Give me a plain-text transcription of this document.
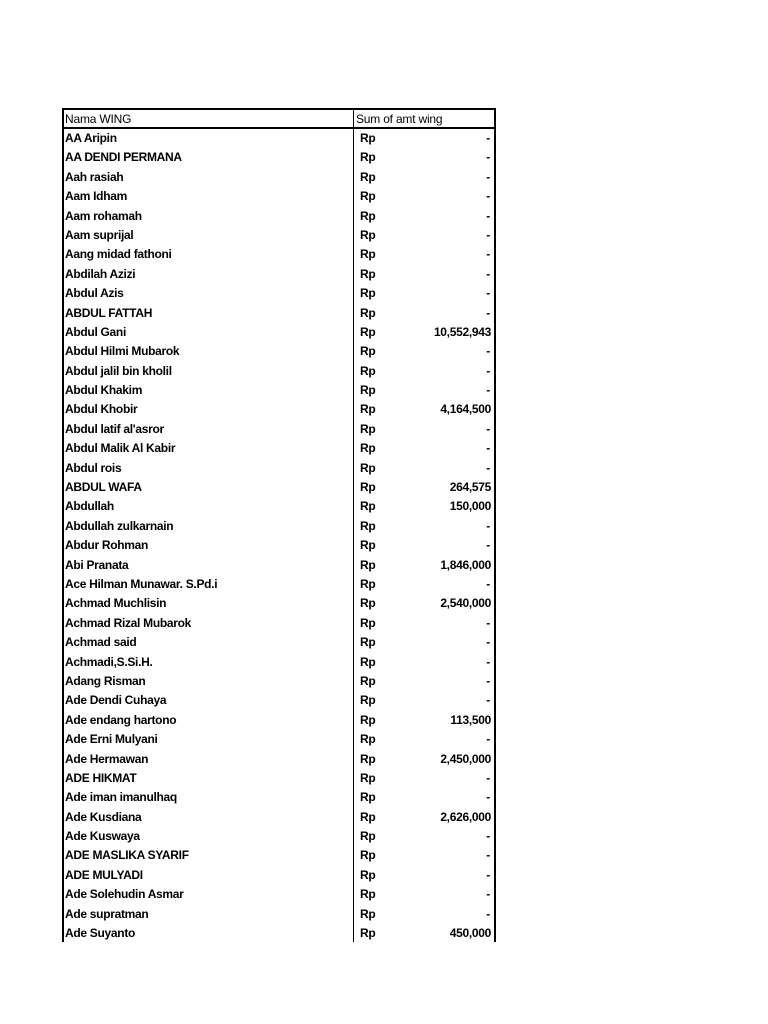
Nama WING	Sum of amt wing
AA Aripin	Rp	-
AA DENDI PERMANA	Rp	-
Aah rasiah	Rp	-
Aam Idham	Rp	-
Aam rohamah	Rp	-
Aam suprijal	Rp	-
Aang midad fathoni	Rp	-
Abdilah Azizi	Rp	-
Abdul Azis	Rp	-
ABDUL FATTAH	Rp	-
Abdul Gani	Rp	10,552,943
Abdul Hilmi Mubarok	Rp	-
Abdul jalil bin kholil	Rp	-
Abdul Khakim	Rp	-
Abdul Khobir	Rp	4,164,500
Abdul latif al'asror	Rp	-
Abdul Malik Al Kabir	Rp	-
Abdul rois	Rp	-
ABDUL WAFA	Rp	264,575
Abdullah	Rp	150,000
Abdullah zulkarnain	Rp	-
Abdur Rohman	Rp	-
Abi Pranata	Rp	1,846,000
Ace Hilman Munawar. S.Pd.i	Rp	-
Achmad Muchlisin	Rp	2,540,000
Achmad Rizal Mubarok	Rp	-
Achmad said	Rp	-
Achmadi,S.Si.H.	Rp	-
Adang Risman	Rp	-
Ade Dendi Cuhaya	Rp	-
Ade endang hartono	Rp	113,500
Ade Erni Mulyani	Rp	-
Ade Hermawan	Rp	2,450,000
ADE HIKMAT	Rp	-
Ade iman imanulhaq	Rp	-
Ade Kusdiana	Rp	2,626,000
Ade Kuswaya	Rp	-
ADE MASLIKA SYARIF	Rp	-
ADE MULYADI	Rp	-
Ade Solehudin Asmar	Rp	-
Ade supratman	Rp	-
Ade Suyanto	Rp	450,000
